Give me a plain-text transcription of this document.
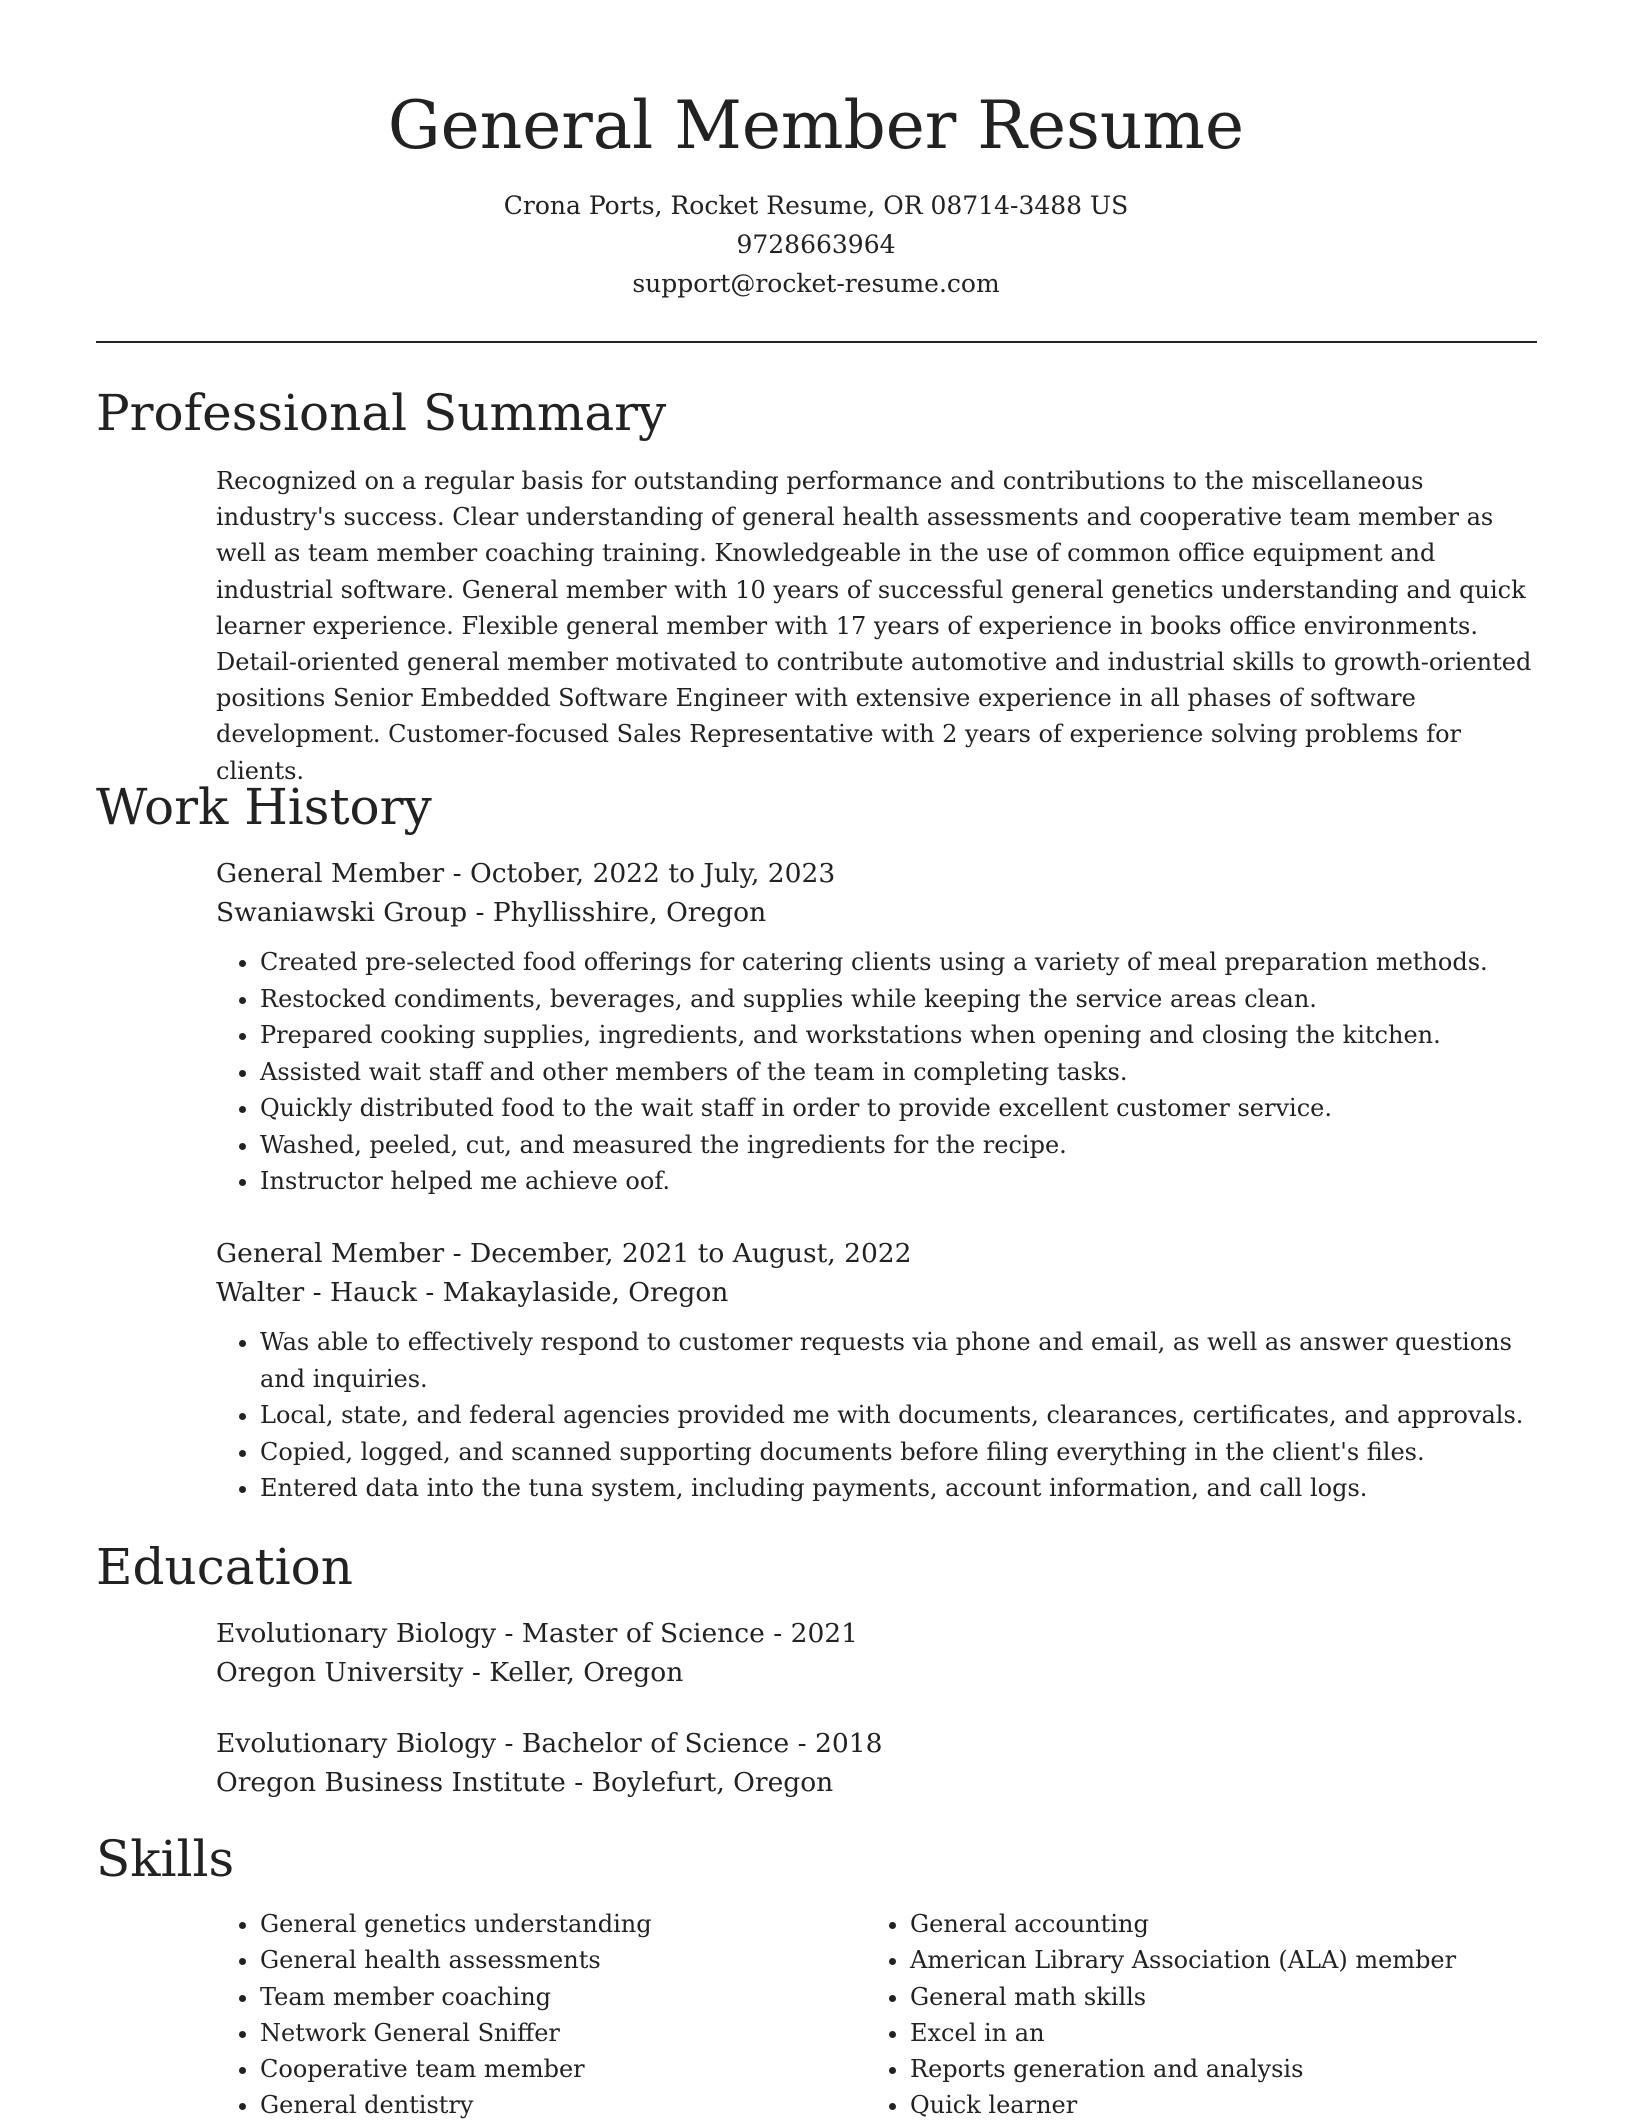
General Member Resume
Crona Ports, Rocket Resume, OR 08714-3488 US
9728663964
support@rocket-resume.com
Professional Summary

Recognized on a regular basis for outstanding performance and contributions to the miscellaneous industry's success. Clear understanding of general health assessments and cooperative team member as well as team member coaching training. Knowledgeable in the use of common office equipment and industrial software. General member with 10 years of successful general genetics understanding and quick learner experience. Flexible general member with 17 years of experience in books office environments. Detail-oriented general member motivated to contribute automotive and industrial skills to growth-oriented positions Senior Embedded Software Engineer with extensive experience in all phases of software development. Customer-focused Sales Representative with 2 years of experience solving problems for clients.

Work History

General Member - October, 2022 to July, 2023

Swaniawski Group - Phyllisshire, Oregon

• Created pre-selected food offerings for catering clients using a variety of meal preparation methods.
• Restocked condiments, beverages, and supplies while keeping the service areas clean.
• Prepared cooking supplies, ingredients, and workstations when opening and closing the kitchen.
• Assisted wait staff and other members of the team in completing tasks.
• Quickly distributed food to the wait staff in order to provide excellent customer service.
• Washed, peeled, cut, and measured the ingredients for the recipe.
• Instructor helped me achieve oof.

General Member - December, 2021 to August, 2022

Walter - Hauck - Makaylaside, Oregon

• Was able to effectively respond to customer requests via phone and email, as well as answer questions and inquiries.
• Local, state, and federal agencies provided me with documents, clearances, certificates, and approvals.
• Copied, logged, and scanned supporting documents before filing everything in the client's files.
• Entered data into the tuna system, including payments, account information, and call logs.
Education

Evolutionary Biology - Master of Science - 2021

Oregon University - Keller, Oregon

Evolutionary Biology - Bachelor of Science - 2018

Oregon Business Institute - Boylefurt, Oregon

Skills
• General genetics understanding
• General health assessments
• Team member coaching
• Network General Sniffer
• Cooperative team member
• General dentistry
• General accounting
• American Library Association (ALA) member
• General math skills
• Excel in an
• Reports generation and analysis
• Quick learner
